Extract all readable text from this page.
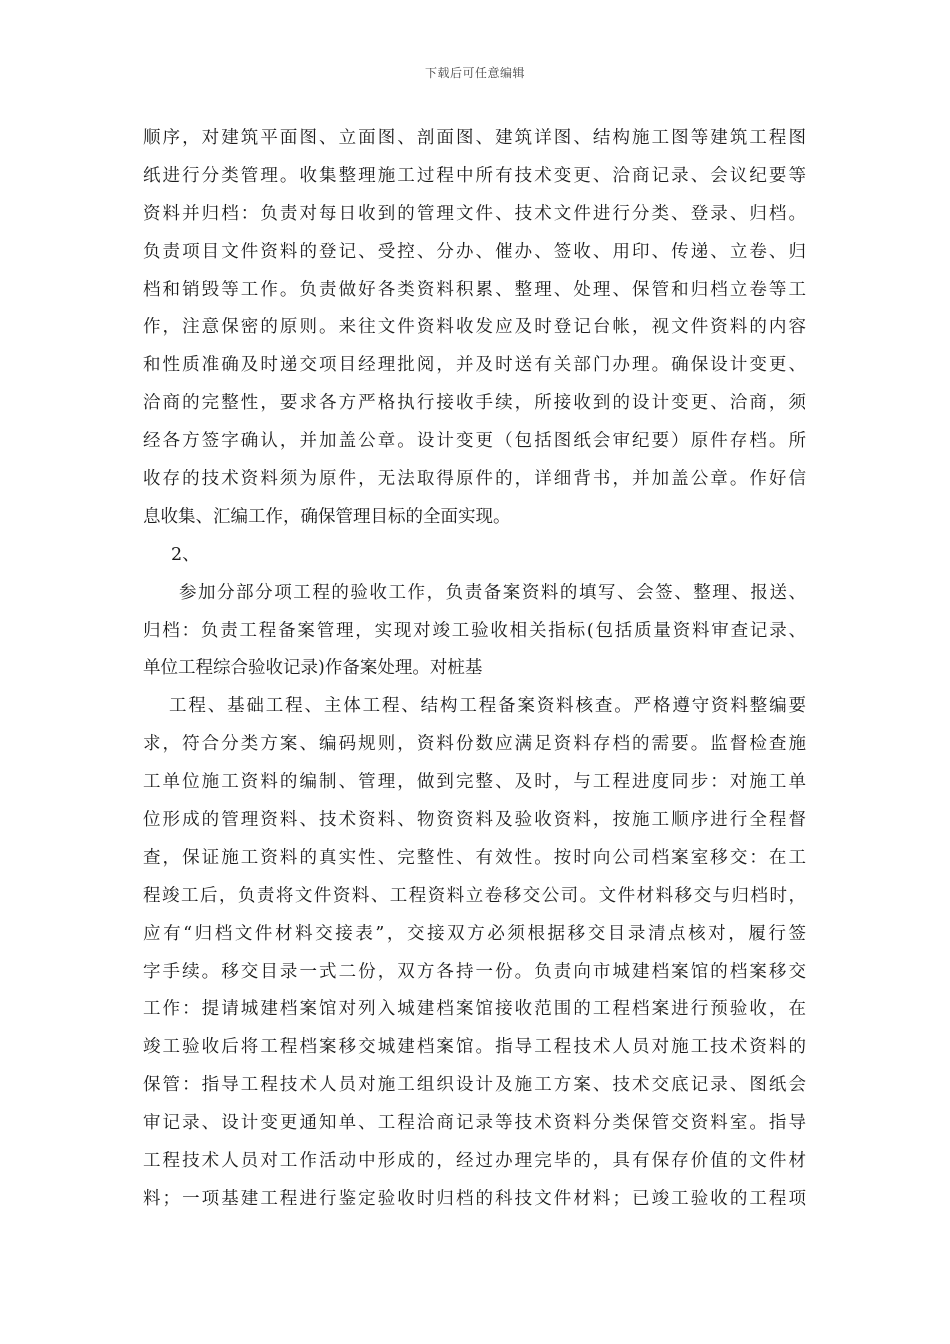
下载后可任意编辑
顺序，对建筑平面图、立面图、剖面图、建筑详图、结构施工图等建筑工程图
纸进行分类管理。收集整理施工过程中所有技术变更、洽商记录、会议纪要等
资料并归档：负责对每日收到的管理文件、技术文件进行分类、登录、归档。
负责项目文件资料的登记、受控、分办、催办、签收、用印、传递、立卷、归
档和销毁等工作。负责做好各类资料积累、整理、处理、保管和归档立卷等工
作，注意保密的原则。来往文件资料收发应及时登记台帐，视文件资料的内容
和性质准确及时递交项目经理批阅，并及时送有关部门办理。确保设计变更、
洽商的完整性，要求各方严格执行接收手续，所接收到的设计变更、洽商，须
经各方签字确认，并加盖公章。设计变更（包括图纸会审纪要）原件存档。所
收存的技术资料须为原件，无法取得原件的，详细背书，并加盖公章。作好信
息收集、汇编工作，确保管理目标的全面实现。
2、
参加分部分项工程的验收工作，负责备案资料的填写、会签、整理、报送、
归档：负责工程备案管理，实现对竣工验收相关指标(包括质量资料审查记录、
单位工程综合验收记录)作备案处理。对桩基
工程、基础工程、主体工程、结构工程备案资料核查。严格遵守资料整编要
求，符合分类方案、编码规则，资料份数应满足资料存档的需要。监督检查施
工单位施工资料的编制、管理，做到完整、及时，与工程进度同步：对施工单
位形成的管理资料、技术资料、物资资料及验收资料，按施工顺序进行全程督
查，保证施工资料的真实性、完整性、有效性。按时向公司档案室移交：在工
程竣工后，负责将文件资料、工程资料立卷移交公司。文件材料移交与归档时，
应有“归档文件材料交接表”，交接双方必须根据移交目录清点核对，履行签
字手续。移交目录一式二份，双方各持一份。负责向市城建档案馆的档案移交
工作：提请城建档案馆对列入城建档案馆接收范围的工程档案进行预验收，在
竣工验收后将工程档案移交城建档案馆。指导工程技术人员对施工技术资料的
保管：指导工程技术人员对施工组织设计及施工方案、技术交底记录、图纸会
审记录、设计变更通知单、工程洽商记录等技术资料分类保管交资料室。指导
工程技术人员对工作活动中形成的，经过办理完毕的，具有保存价值的文件材
料；一项基建工程进行鉴定验收时归档的科技文件材料；已竣工验收的工程项
